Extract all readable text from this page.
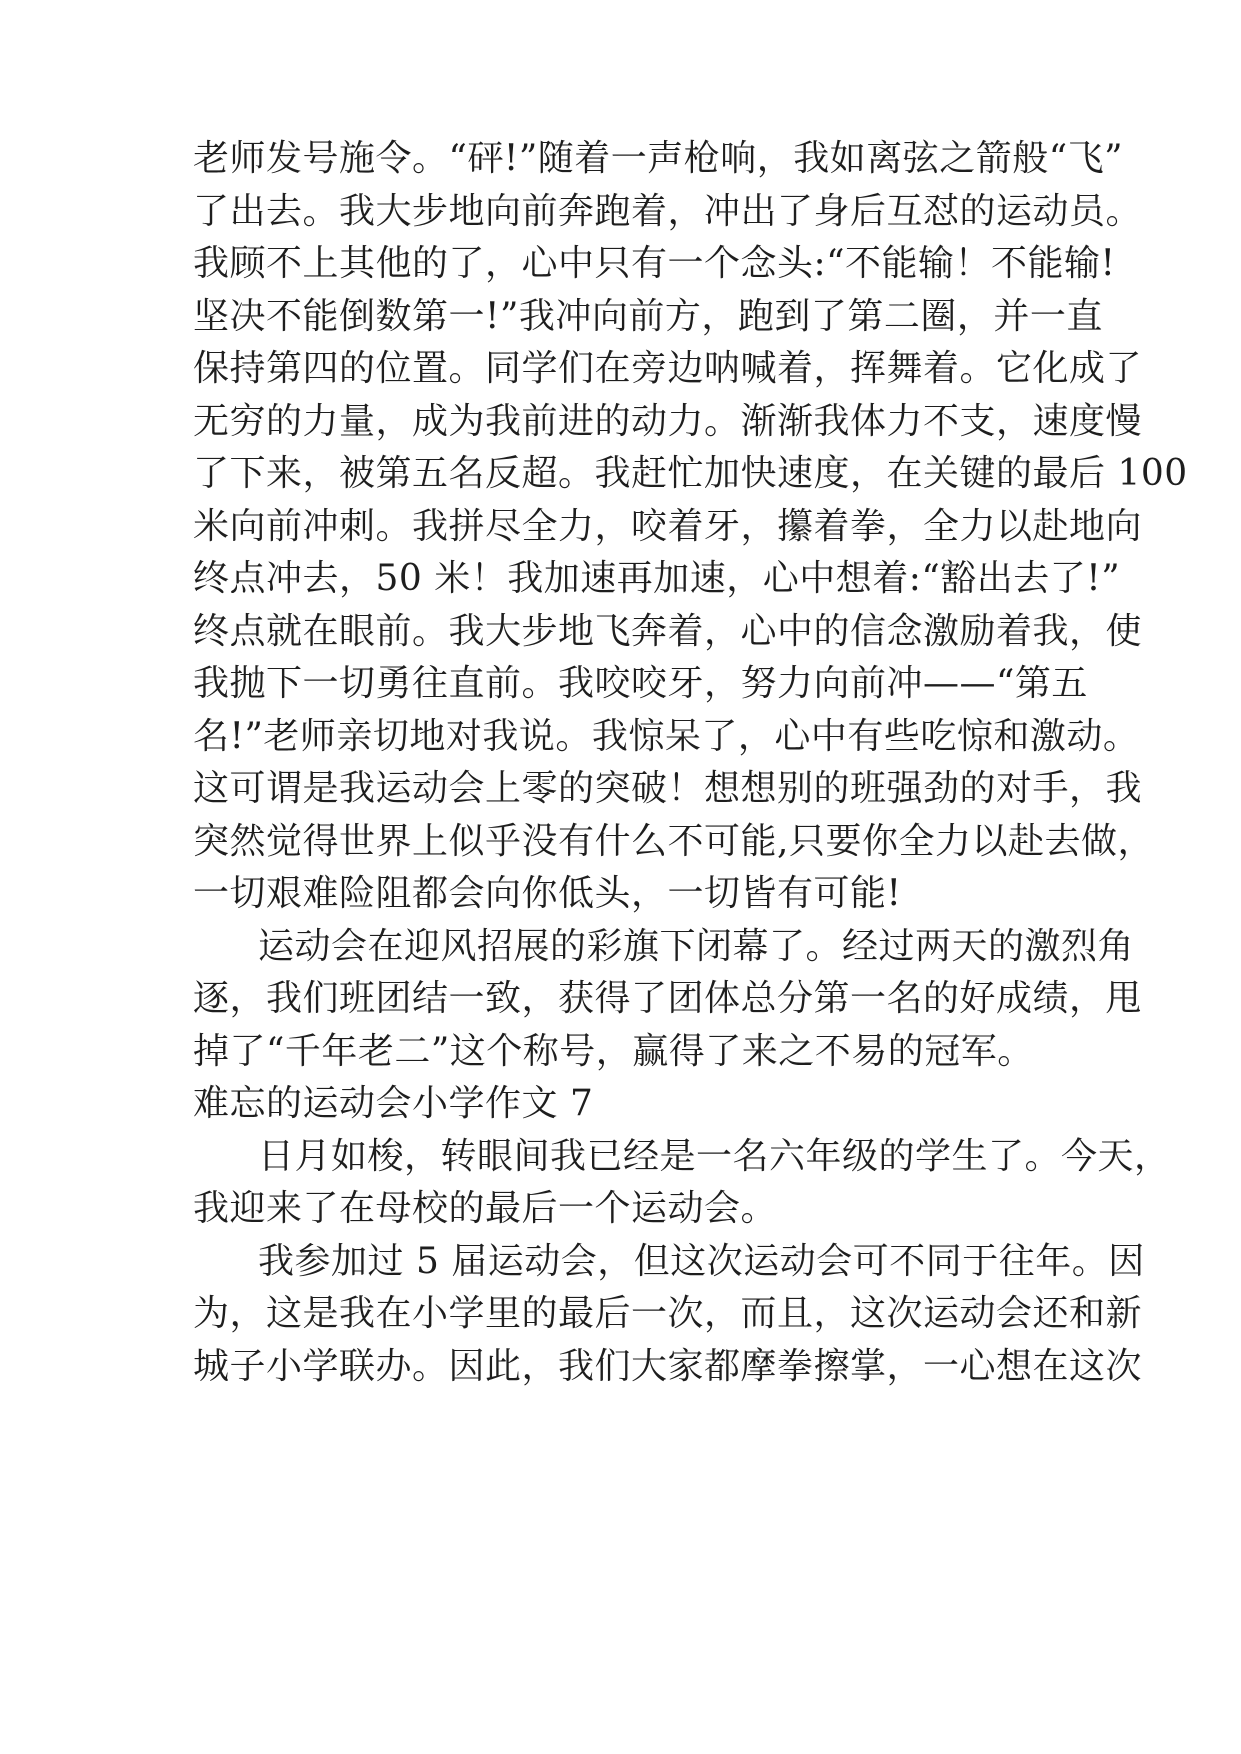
老师发号施令。“砰!”随着一声枪响，我如离弦之箭般“飞”
了出去。我大步地向前奔跑着，冲出了身后互怼的运动员。
我顾不上其他的了，心中只有一个念头:“不能输！不能输!
坚决不能倒数第一!”我冲向前方，跑到了第二圈，并一直
保持第四的位置。同学们在旁边呐喊着，挥舞着。它化成了
无穷的力量，成为我前进的动力。渐渐我体力不支，速度慢
了下来，被第五名反超。我赶忙加快速度，在关键的最后 100
米向前冲刺。我拼尽全力，咬着牙，攥着拳，全力以赴地向
终点冲去，50 米！我加速再加速，心中想着:“豁出去了!”
终点就在眼前。我大步地飞奔着，心中的信念激励着我，使
我抛下一切勇往直前。我咬咬牙，努力向前冲——“第五
名!”老师亲切地对我说。我惊呆了，心中有些吃惊和激动。
这可谓是我运动会上零的突破！想想别的班强劲的对手，我
突然觉得世界上似乎没有什么不可能,只要你全力以赴去做，
一切艰难险阻都会向你低头，一切皆有可能!
运动会在迎风招展的彩旗下闭幕了。经过两天的激烈角
逐，我们班团结一致，获得了团体总分第一名的好成绩，甩
掉了“千年老二”这个称号，赢得了来之不易的冠军。
难忘的运动会小学作文 7
日月如梭，转眼间我已经是一名六年级的学生了。今天，
我迎来了在母校的最后一个运动会。
我参加过 5 届运动会，但这次运动会可不同于往年。因
为，这是我在小学里的最后一次，而且，这次运动会还和新
城子小学联办。因此，我们大家都摩拳擦掌，一心想在这次
